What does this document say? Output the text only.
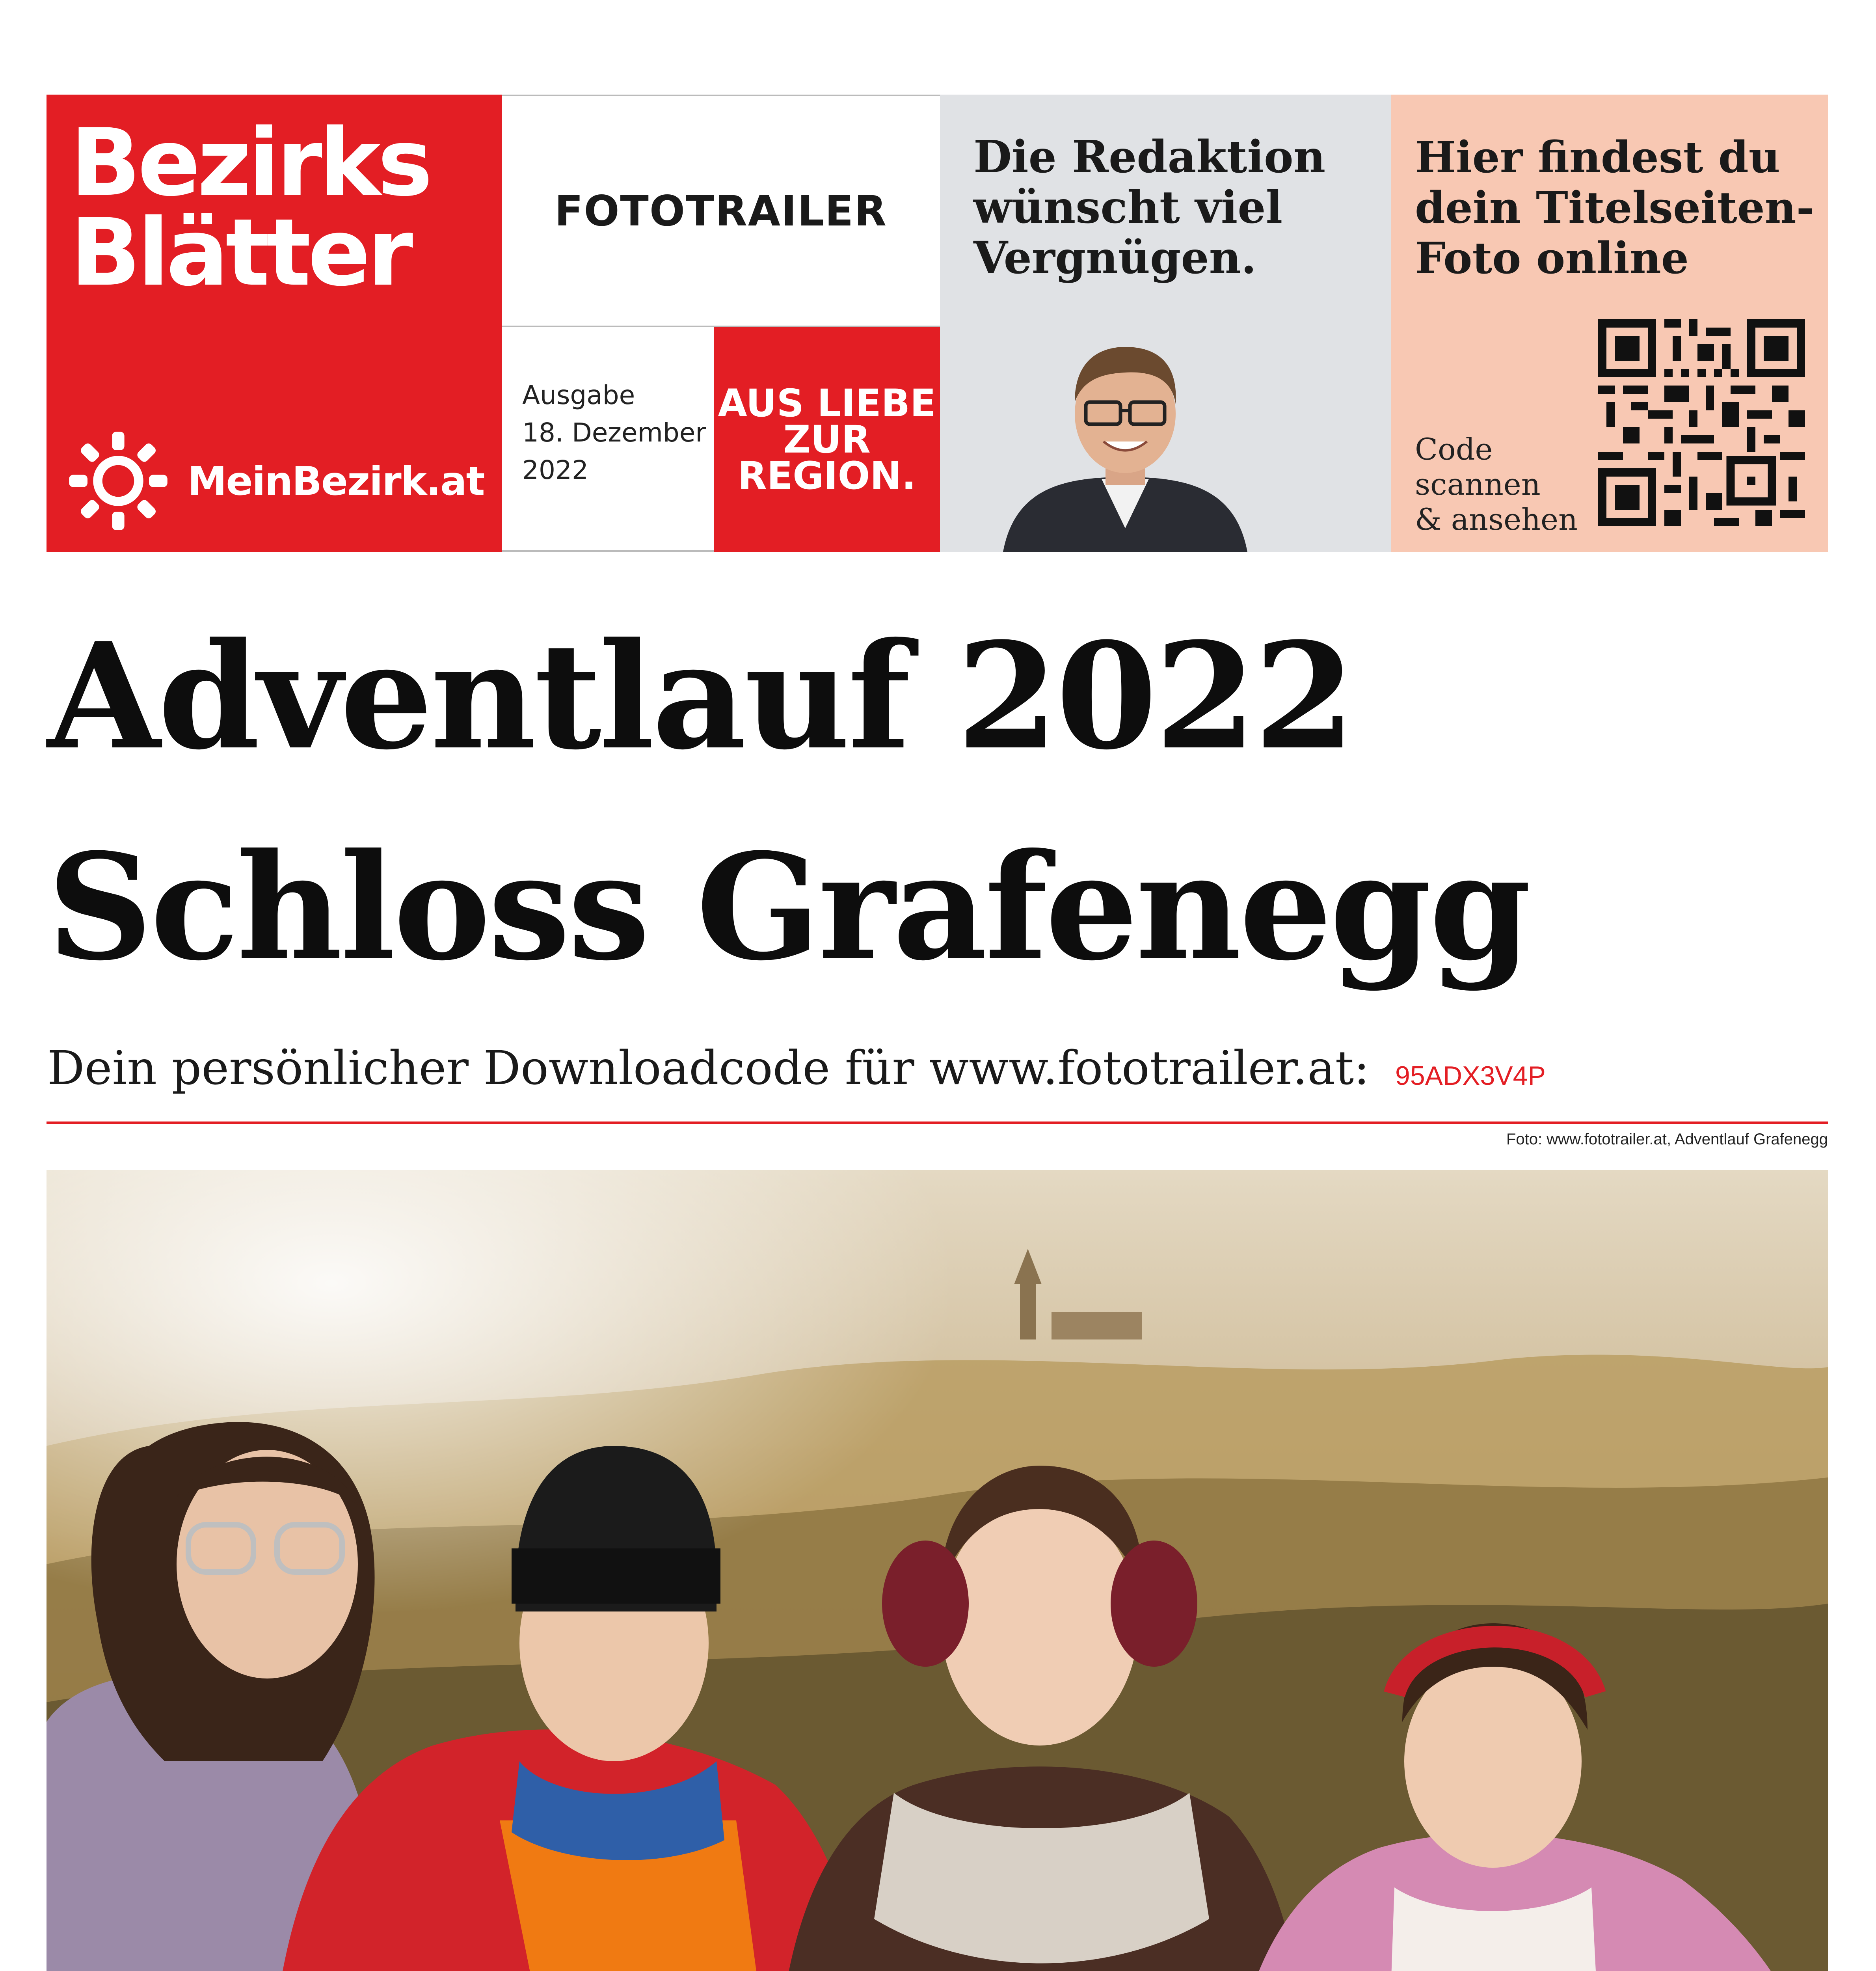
Bezirks
Blätter
MeinBezirk.at
FOTOTRAILER
Ausgabe
18. Dezember
2022
AUS LIEBE
ZUR
REGION.
Die Redaktion
wünscht viel
Vergnügen.
Hier findest du
dein Titelseiten-
Foto online
Code
scannen
& ansehen
Adventlauf 2022
Schloss Grafenegg
Dein persönlicher Downloadcode für www.fototrailer.at: 95ADX3V4P
Foto: www.fototrailer.at, Adventlauf Grafenegg
